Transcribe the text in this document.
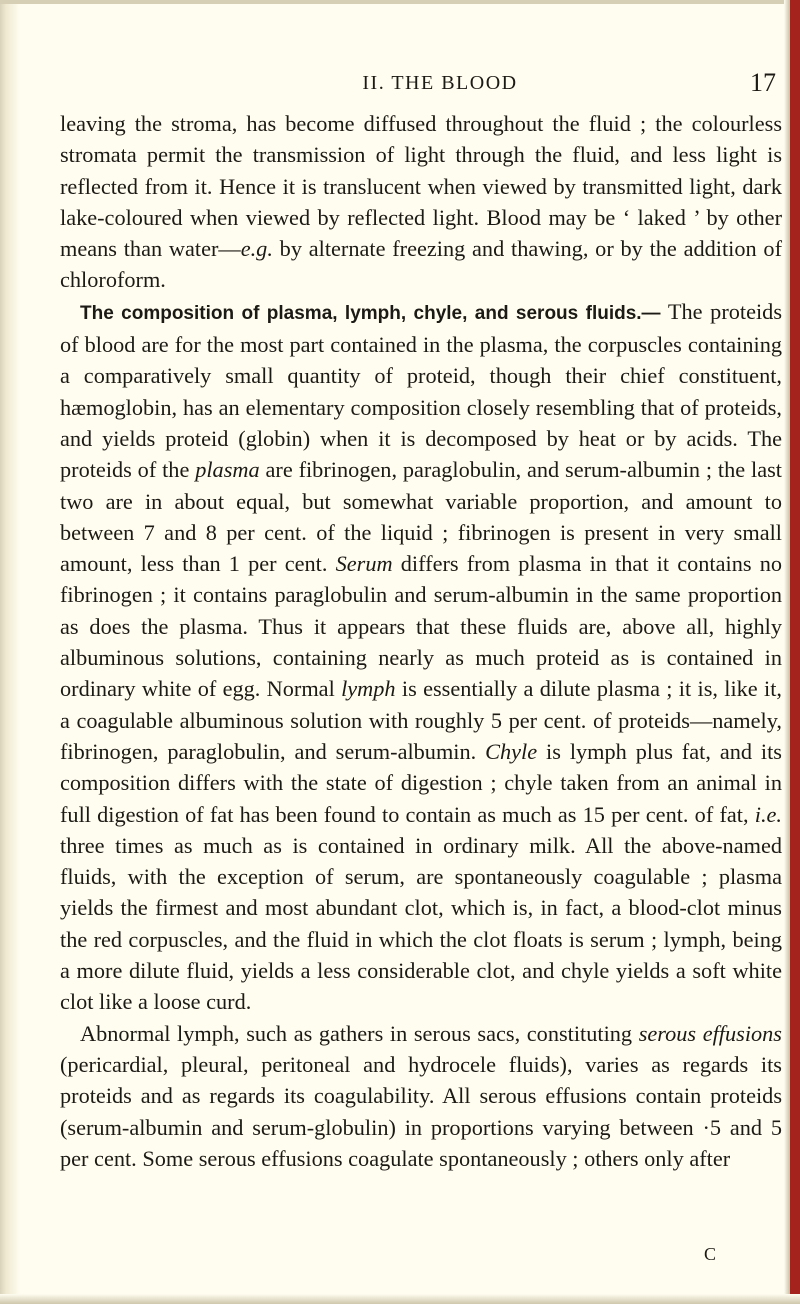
II. THE BLOOD	17

leaving the stroma, has become diffused throughout the fluid ; the colourless stromata permit the transmission of light through the fluid, and less light is reflected from it. Hence it is translucent when viewed by transmitted light, dark lake-coloured when viewed by reflected light. Blood may be ‘ laked ’ by other means than water—e.g. by alternate freezing and thawing, or by the addition of chloroform.

The composition of plasma, lymph, chyle, and serous fluids.— The proteids of blood are for the most part contained in the plasma, the corpuscles containing a comparatively small quantity of proteid, though their chief constituent, hæmoglobin, has an elementary composition closely resembling that of proteids, and yields proteid (globin) when it is decomposed by heat or by acids. The proteids of the plasma are fibrinogen, paraglobulin, and serum-albumin ; the last two are in about equal, but somewhat variable proportion, and amount to between 7 and 8 per cent. of the liquid ; fibrinogen is present in very small amount, less than 1 per cent. Serum differs from plasma in that it contains no fibrinogen ; it contains paraglobulin and serum-albumin in the same proportion as does the plasma. Thus it appears that these fluids are, above all, highly albuminous solutions, containing nearly as much proteid as is contained in ordinary white of egg. Normal lymph is essentially a dilute plasma ; it is, like it, a coagulable albuminous solution with roughly 5 per cent. of proteids—namely, fibrinogen, paraglobulin, and serum-albumin. Chyle is lymph plus fat, and its composition differs with the state of digestion ; chyle taken from an animal in full digestion of fat has been found to contain as much as 15 per cent. of fat, i.e. three times as much as is contained in ordinary milk. All the above-named fluids, with the exception of serum, are spontaneously coagulable ; plasma yields the firmest and most abundant clot, which is, in fact, a blood-clot minus the red corpuscles, and the fluid in which the clot floats is serum ; lymph, being a more dilute fluid, yields a less considerable clot, and chyle yields a soft white clot like a loose curd.

Abnormal lymph, such as gathers in serous sacs, constituting serous effusions (pericardial, pleural, peritoneal and hydrocele fluids), varies as regards its proteids and as regards its coagulability. All serous effusions contain proteids (serum-albumin and serum-globulin) in proportions varying between ·5 and 5 per cent. Some serous effusions coagulate spontaneously ; others only after

C
